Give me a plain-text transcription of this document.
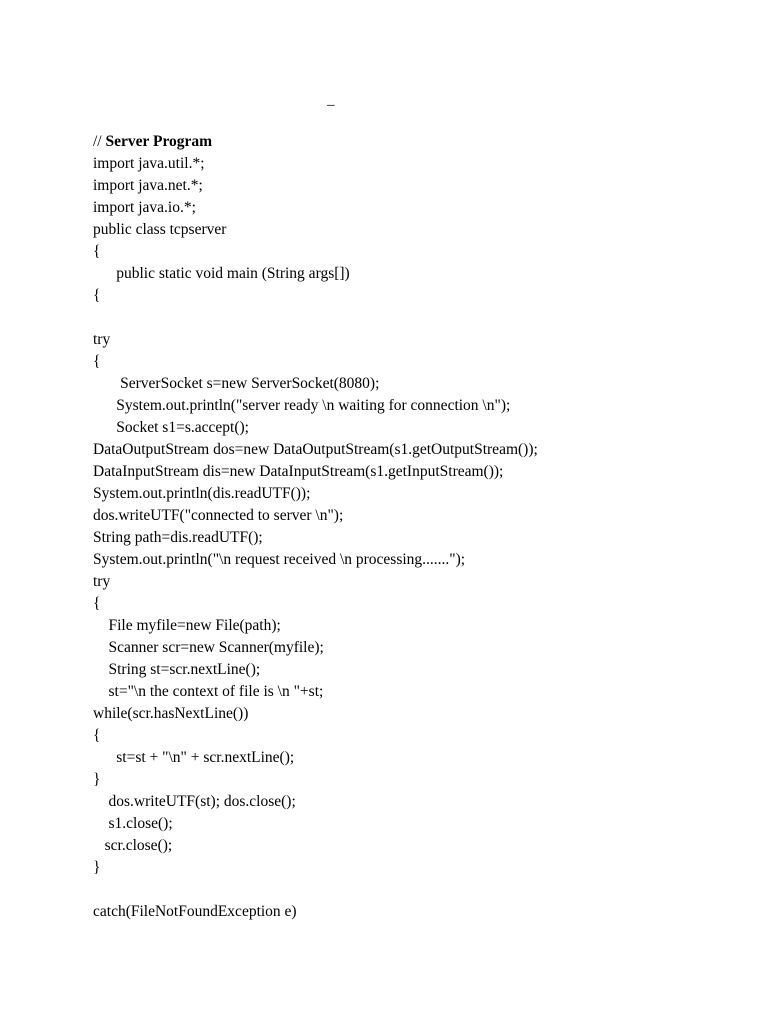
–
// Server Program
import java.util.*;
import java.net.*;
import java.io.*;
public class tcpserver
{
public static void main (String args[])
{
try
{
ServerSocket s=new ServerSocket(8080);
System.out.println("server ready \n waiting for connection \n");
Socket s1=s.accept();
DataOutputStream dos=new DataOutputStream(s1.getOutputStream());
DataInputStream dis=new DataInputStream(s1.getInputStream());
System.out.println(dis.readUTF());
dos.writeUTF("connected to server \n");
String path=dis.readUTF();
System.out.println("\n request received \n processing.......");
try
{
File myfile=new File(path);
Scanner scr=new Scanner(myfile);
String st=scr.nextLine();
st="\n the context of file is \n "+st;
while(scr.hasNextLine())
{
st=st + "\n" + scr.nextLine();
}
dos.writeUTF(st); dos.close();
s1.close();
scr.close();
}
catch(FileNotFoundException e)
